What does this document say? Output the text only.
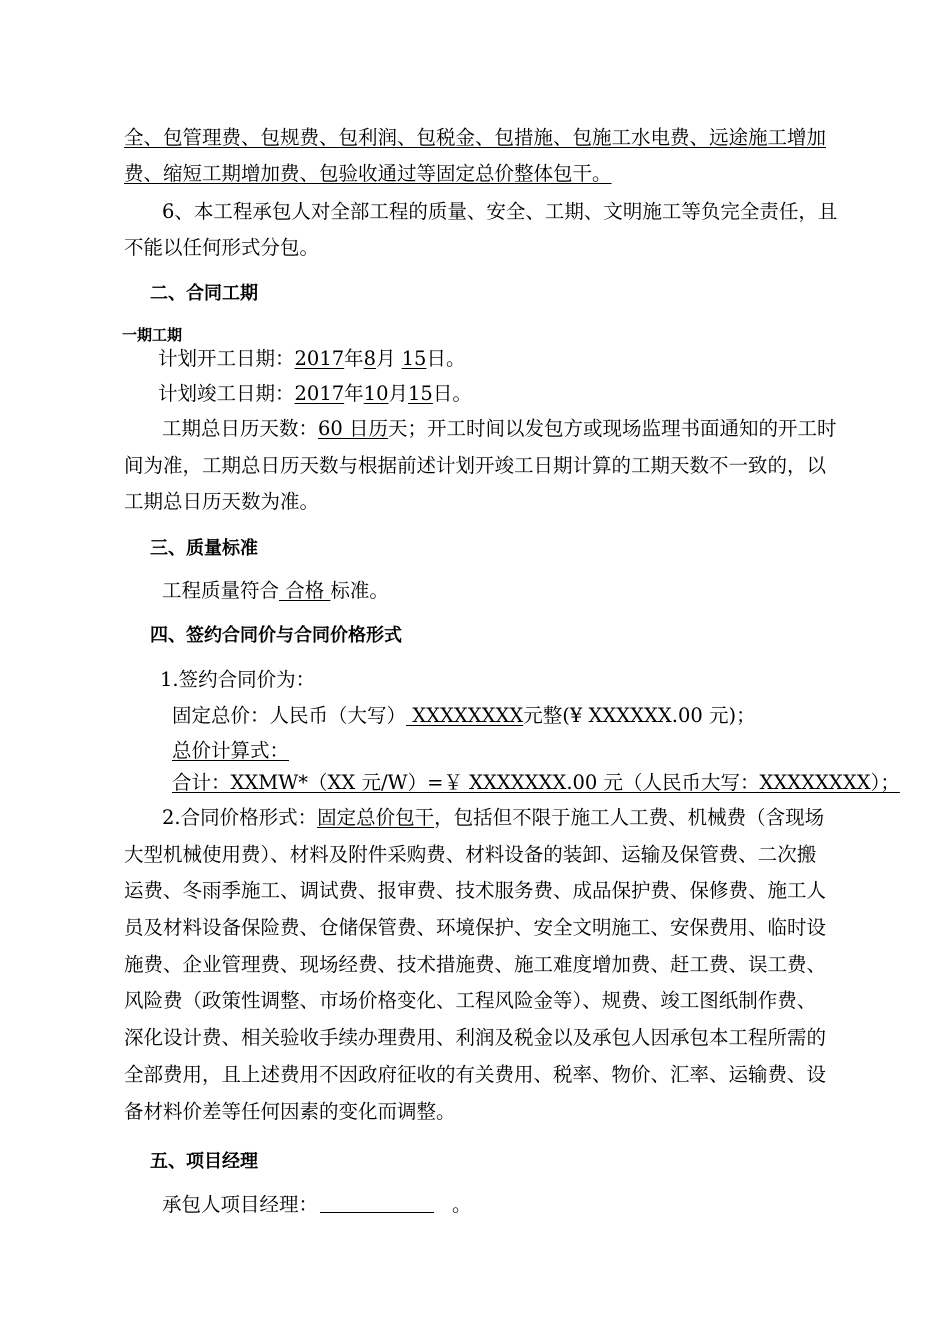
全、包管理费、包规费、包利润、包税金、包措施、包施工水电费、远途施工增加
费、缩短工期增加费、包验收通过等固定总价整体包干。
6、本工程承包人对全部工程的质量、安全、工期、文明施工等负完全责任，且
不能以任何形式分包。
二、合同工期
一期工期
计划开工日期：2017年8月 15日。
计划竣工日期：2017年10月15日。
工期总日历天数：60 日历天；开工时间以发包方或现场监理书面通知的开工时
间为准，工期总日历天数与根据前述计划开竣工日期计算的工期天数不一致的，以
工期总日历天数为准。
三、质量标准
工程质量符合 合格 标准。
四、签约合同价与合同价格形式
1.签约合同价为：
固定总价：人民币（大写） XXXXXXXX元整(¥ XXXXXX.00 元)；
总价计算式：
合计：XXMW*（XX 元/W）=￥ XXXXXXX.00 元（人民币大写：XXXXXXXX）；
2.合同价格形式：固定总价包干，包括但不限于施工人工费、机械费（含现场
大型机械使用费）、材料及附件采购费、材料设备的装卸、运输及保管费、二次搬
运费、冬雨季施工、调试费、报审费、技术服务费、成品保护费、保修费、施工人
员及材料设备保险费、仓储保管费、环境保护、安全文明施工、安保费用、临时设
施费、企业管理费、现场经费、技术措施费、施工难度增加费、赶工费、误工费、
风险费（政策性调整、市场价格变化、工程风险金等）、规费、竣工图纸制作费、
深化设计费、相关验收手续办理费用、利润及税金以及承包人因承包本工程所需的
全部费用，且上述费用不因政府征收的有关费用、税率、物价、汇率、运输费、设
备材料价差等任何因素的变化而调整。
五、项目经理
承包人项目经理：	。
